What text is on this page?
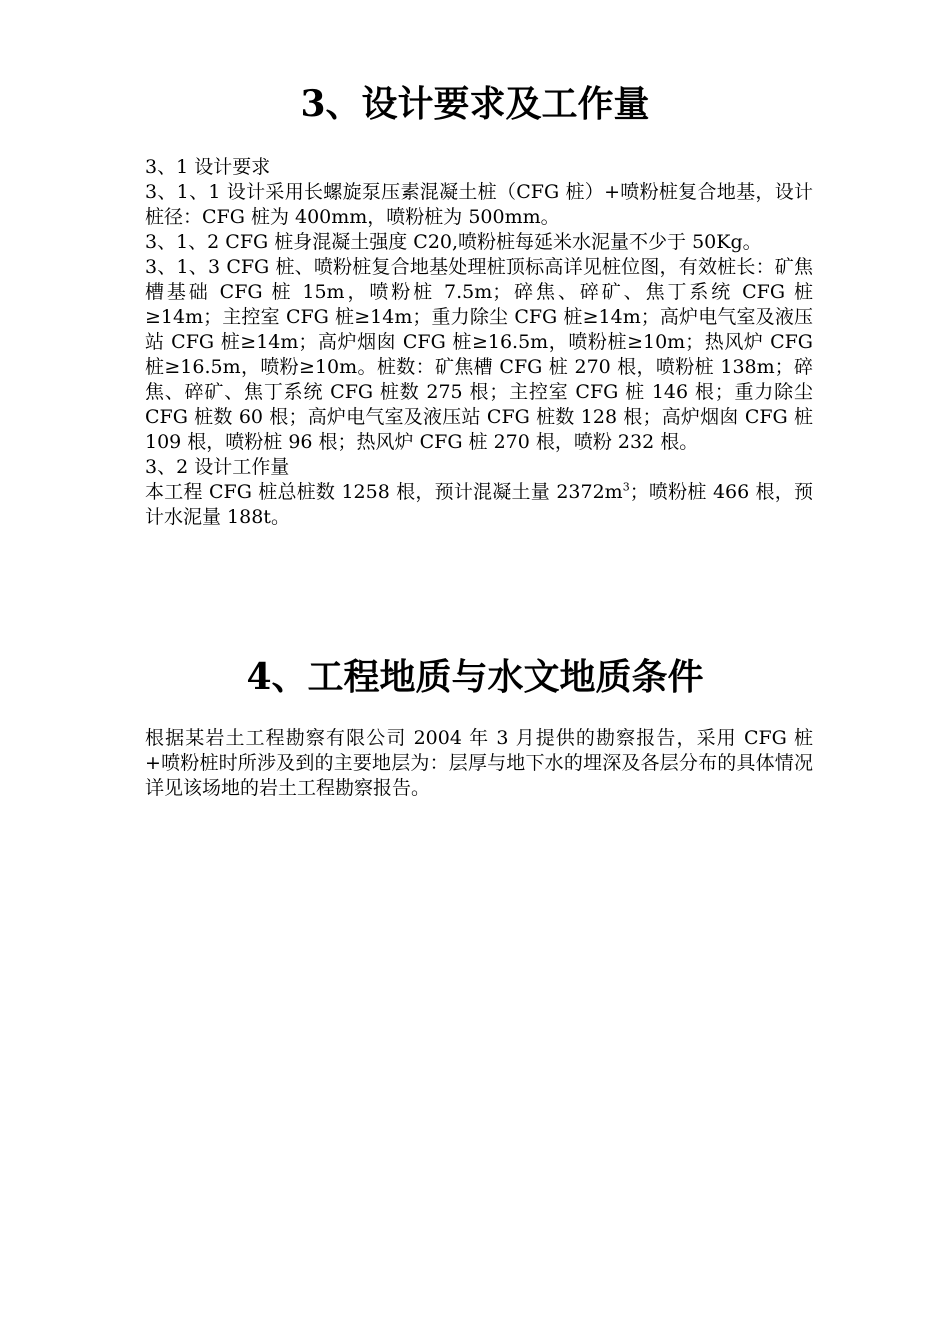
3、设计要求及工作量

3、1 设计要求

3、1、1 设计采用长螺旋泵压素混凝土桩（CFG 桩）+喷粉桩复合地基，设计桩径：CFG 桩为 400mm，喷粉桩为 500mm。

3、1、2 CFG 桩身混凝土强度 C20,喷粉桩每延米水泥量不少于 50Kg。

3、1、3 CFG 桩、喷粉桩复合地基处理桩顶标高详见桩位图，有效桩长：矿焦槽基础 CFG 桩 15m，喷粉桩 7.5m；碎焦、碎矿、焦丁系统 CFG 桩≥14m；主控室 CFG 桩≥14m；重力除尘 CFG 桩≥14m；高炉电气室及液压站 CFG 桩≥14m；高炉烟囱 CFG 桩≥16.5m，喷粉桩≥10m；热风炉 CFG 桩≥16.5m，喷粉≥10m。桩数：矿焦槽 CFG 桩 270 根，喷粉桩 138m；碎焦、碎矿、焦丁系统 CFG 桩数 275 根；主控室 CFG 桩 146 根；重力除尘 CFG 桩数 60 根；高炉电气室及液压站 CFG 桩数 128 根；高炉烟囱 CFG 桩 109 根，喷粉桩 96 根；热风炉 CFG 桩 270 根，喷粉 232 根。

3、2 设计工作量

本工程 CFG 桩总桩数 1258 根，预计混凝土量 $2372m^3$；喷粉桩 466 根，预计水泥量 188t。

4、工程地质与水文地质条件

根据某岩土工程勘察有限公司 2004 年 3 月提供的勘察报告，采用 CFG 桩+喷粉桩时所涉及到的主要地层为：层厚与地下水的埋深及各层分布的具体情况详见该场地的岩土工程勘察报告。
